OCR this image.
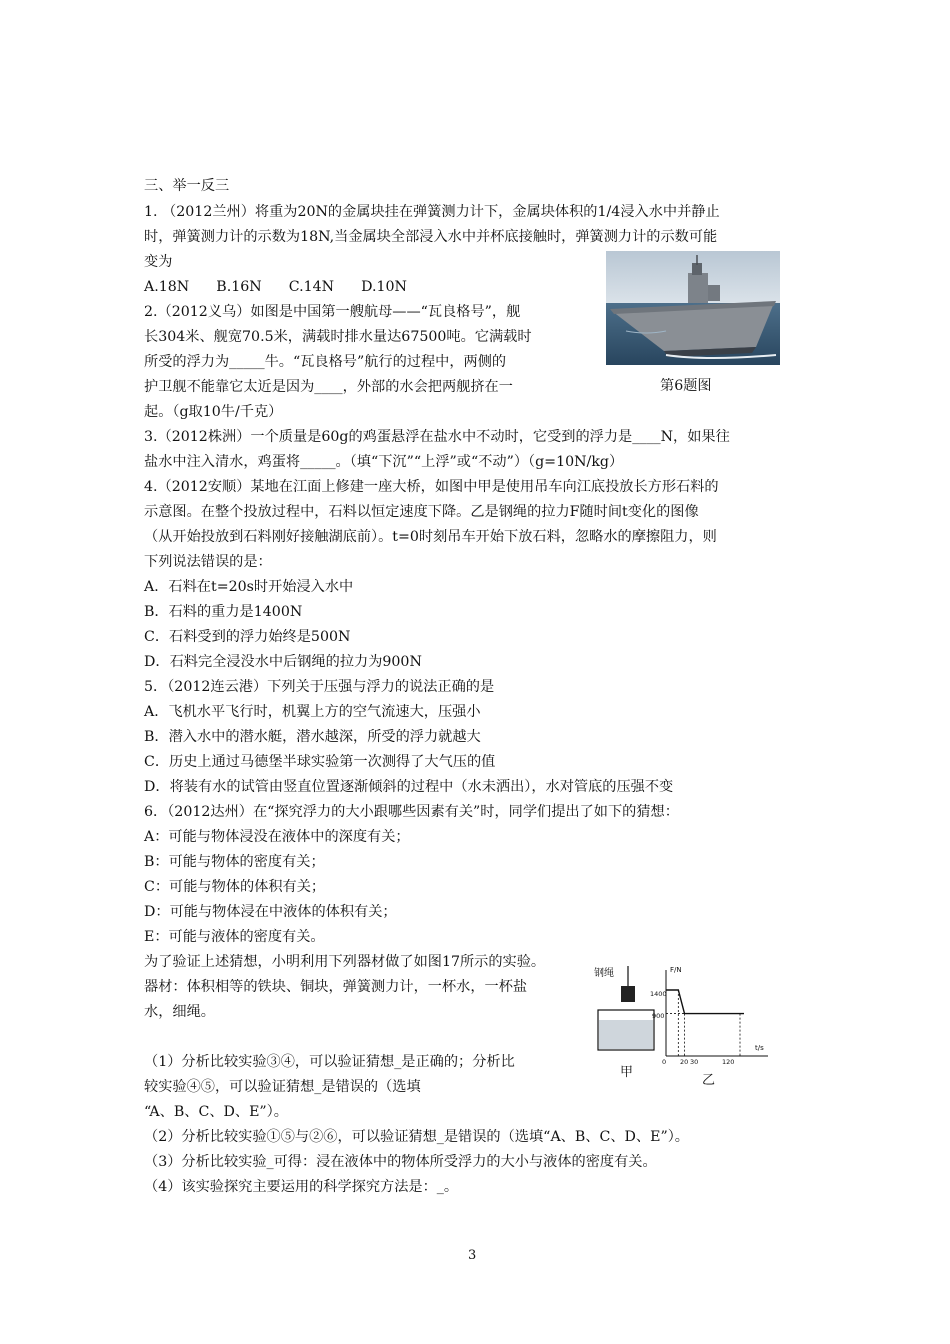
三、举一反三
1. （2012兰州）将重为20N的金属块挂在弹簧测力计下，金属块体积的1/4浸入水中并静止
时，弹簧测力计的示数为18N,当金属块全部浸入水中并杯底接触时，弹簧测力计的示数可能
变为
A.18N      B.16N      C.14N      D.10N
2.（2012义乌）如图是中国第一艘航母——“瓦良格号”，舰
长304米、舰宽70.5米，满载时排水量达67500吨。它满载时
所受的浮力为_____牛。“瓦良格号”航行的过程中，两侧的
护卫舰不能靠它太近是因为____，外部的水会把两舰挤在一
起。（g取10牛/千克）
3.（2012株洲）一个质量是60g的鸡蛋悬浮在盐水中不动时，它受到的浮力是____N，如果往
盐水中注入清水，鸡蛋将_____。（填“下沉”“上浮”或“不动”）（g=10N/kg）
4.（2012安顺）某地在江面上修建一座大桥，如图中甲是使用吊车向江底投放长方形石料的
示意图。在整个投放过程中，石料以恒定速度下降。乙是钢绳的拉力F随时间t变化的图像
（从开始投放到石料刚好接触湖底前）。t=0时刻吊车开始下放石料，忽略水的摩擦阻力，则
下列说法错误的是：
A．石料在t=20s时开始浸入水中
B．石料的重力是1400N
C．石料受到的浮力始终是500N
D．石料完全浸没水中后钢绳的拉力为900N
5．（2012连云港）下列关于压强与浮力的说法正确的是
A．飞机水平飞行时，机翼上方的空气流速大，压强小
B．潜入水中的潜水艇，潜水越深，所受的浮力就越大
C．历史上通过马德堡半球实验第一次测得了大气压的值
D．将装有水的试管由竖直位置逐渐倾斜的过程中（水未洒出），水对管底的压强不变
6．（2012达州）在“探究浮力的大小跟哪些因素有关”时，同学们提出了如下的猜想：
A：可能与物体浸没在液体中的深度有关；
B：可能与物体的密度有关；
C：可能与物体的体积有关；
D：可能与物体浸在中液体的体积有关；
E：可能与液体的密度有关。
为了验证上述猜想，小明利用下列器材做了如图17所示的实验。
器材：体积相等的铁块、铜块，弹簧测力计，一杯水，一杯盐
水，细绳。
（1）分析比较实验③④，可以验证猜想_是正确的；分析比
较实验④⑤，可以验证猜想_是错误的（选填
“A、B、C、D、E”）。
（2）分析比较实验①⑤与②⑥，可以验证猜想_是错误的（选填“A、B、C、D、E”）。
（3）分析比较实验_可得：浸在液体中的物体所受浮力的大小与液体的密度有关。
（4）该实验探究主要运用的科学探究方法是：_。
第6题图
钢绳
甲
F/N
t/s
1400
900
0 20 30	120
乙
3
